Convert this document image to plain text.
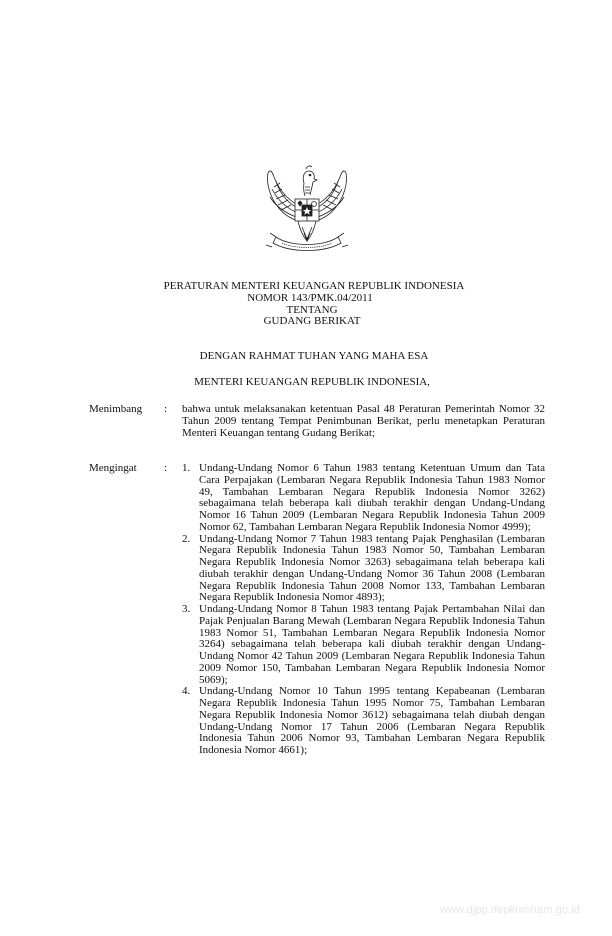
PERATURAN MENTERI KEUANGAN REPUBLIK INDONESIA
NOMOR 143/PMK.04/2011
TENTANG
GUDANG BERIKAT
DENGAN RAHMAT TUHAN YANG MAHA ESA
MENTERI KEUANGAN REPUBLIK INDONESIA,
Menimbang : bahwa untuk melaksanakan ketentuan Pasal 48 Peraturan Pemerintah Nomor 32 Tahun 2009 tentang Tempat Penimbunan Berikat, perlu menetapkan Peraturan Menteri Keuangan tentang Gudang Berikat;

Mengingat : 1. Undang-Undang Nomor 6 Tahun 1983 tentang Ketentuan Umum dan Tata Cara Perpajakan (Lembaran Negara Republik Indonesia Tahun 1983 Nomor 49, Tambahan Lembaran Negara Republik Indonesia Nomor 3262) sebagaimana telah beberapa kali diubah terakhir dengan Undang-Undang Nomor 16 Tahun 2009 (Lembaran Negara Republik Indonesia Tahun 2009 Nomor 62, Tambahan Lembaran Negara Republik Indonesia Nomor 4999);
2. Undang-Undang Nomor 7 Tahun 1983 tentang Pajak Penghasilan (Lembaran Negara Republik Indonesia Tahun 1983 Nomor 50, Tambahan Lembaran Negara Republik Indonesia Nomor 3263) sebagaimana telah beberapa kali diubah terakhir dengan Undang-Undang Nomor 36 Tahun 2008 (Lembaran Negara Republik Indonesia Tahun 2008 Nomor 133, Tambahan Lembaran Negara Republik Indonesia Nomor 4893);
3. Undang-Undang Nomor 8 Tahun 1983 tentang Pajak Pertambahan Nilai dan Pajak Penjualan Barang Mewah (Lembaran Negara Republik Indonesia Tahun 1983 Nomor 51, Tambahan Lembaran Negara Republik Indonesia Nomor 3264) sebagaimana telah beberapa kali diubah terakhir dengan Undang-Undang Nomor 42 Tahun 2009 (Lembaran Negara Republik Indonesia Tahun 2009 Nomor 150, Tambahan Lembaran Negara Republik Indonesia Nomor 5069);
4. Undang-Undang Nomor 10 Tahun 1995 tentang Kepabeanan (Lembaran Negara Republik Indonesia Tahun 1995 Nomor 75, Tambahan Lembaran Negara Republik Indonesia Nomor 3612) sebagaimana telah diubah dengan Undang-Undang Nomor 17 Tahun 2006 (Lembaran Negara Republik Indonesia Tahun 2006 Nomor 93, Tambahan Lembaran Negara Republik Indonesia Nomor 4661);
www.djpp.depkumham.go.id
